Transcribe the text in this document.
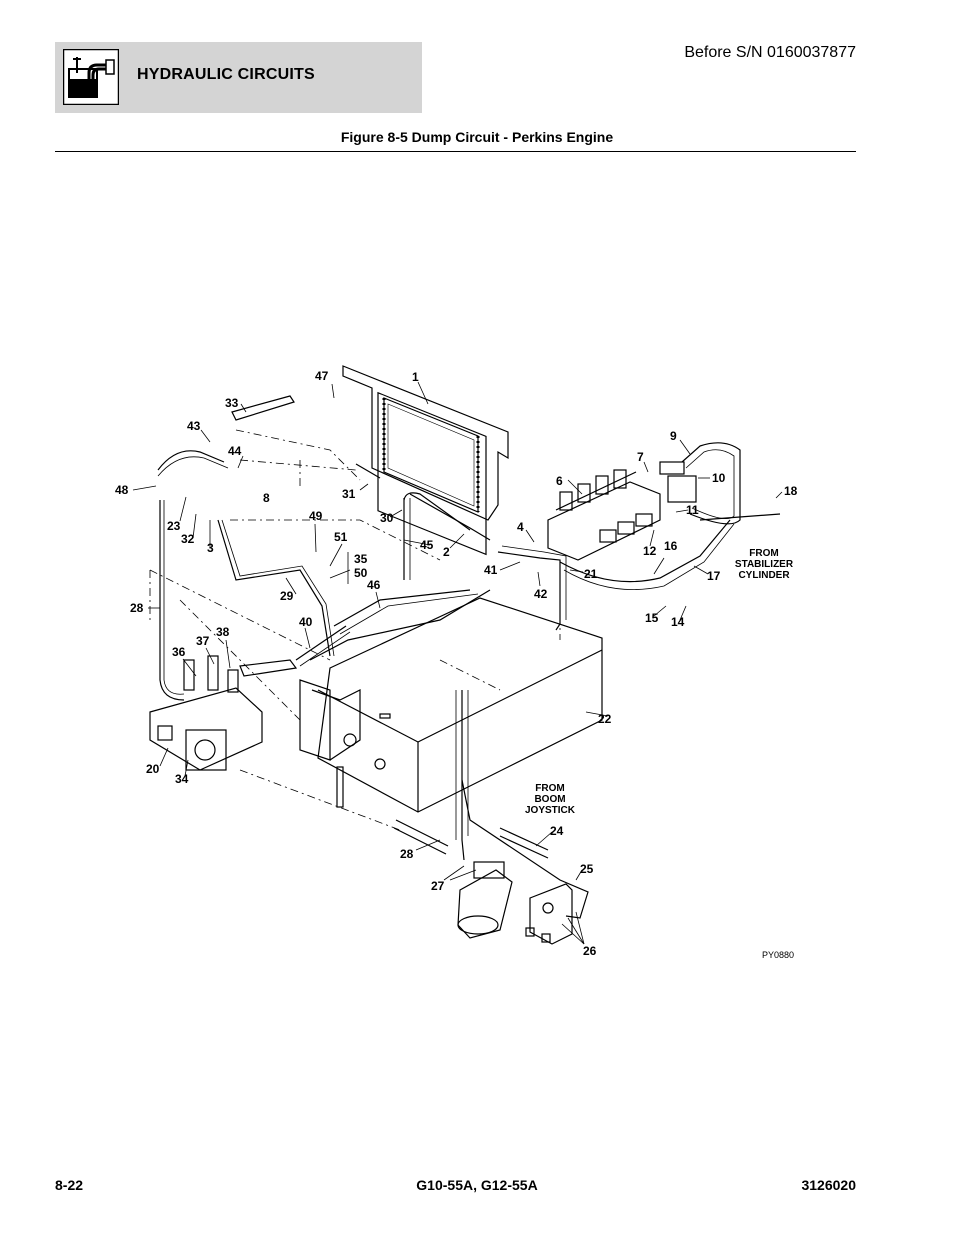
HYDRAULIC CIRCUITS
Before S/N 0160037877
Figure 8-5 Dump Circuit - Perkins Engine
1
2
3
4
6
7
8
9
10
11
12
14
15
16
17
18
20
21
22
23
24
25
26
27
28
28
29
30
31
32
33
34
35
36
37
38
40
41
42
43
44
45
46
47
48
49
50
51
FROM
STABILIZER
CYLINDER
FROM
BOOM
JOYSTICK
PY0880
8-22	G10-55A, G12-55A	3126020
